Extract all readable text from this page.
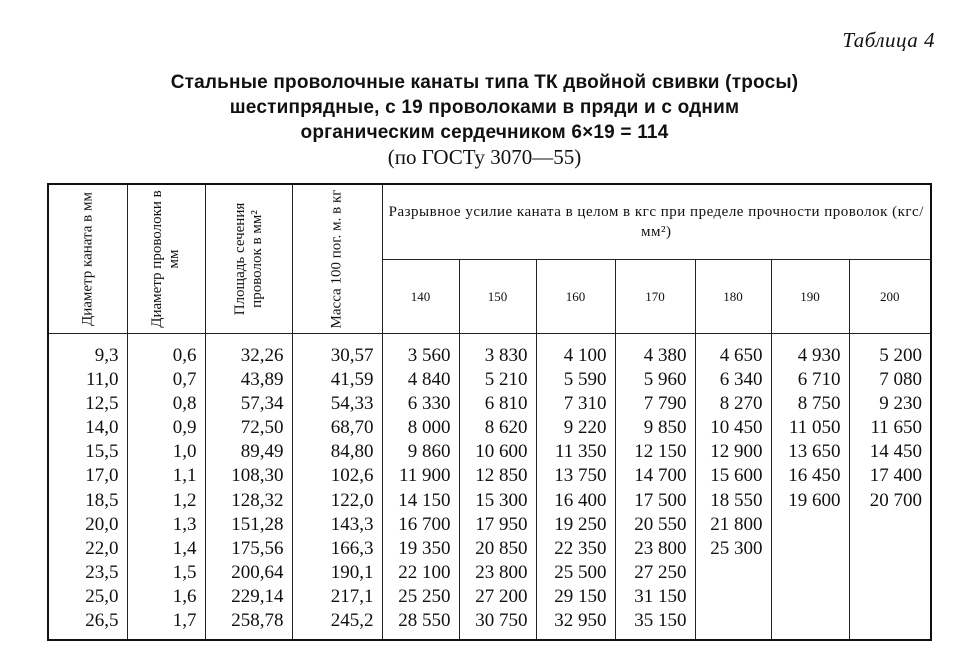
Таблица 4
Стальные проволочные канаты типа ТК двойной свивки (тросы)
шестипрядные, с 19 проволоками в пряди и с одним
органическим сердечником 6×19 = 114
(по ГОСТу 3070—55)
Диаметр каната в мм	Диаметр проволоки в мм	Площадь сечения проволок в мм²	Масса 100 пог. м. в кг	Разрывное усилие каната в целом в кгс при пределе прочности проволок (кгс/мм²)						
				140	150	160	170	180	190	200
9,3	0,6	32,26	30,57	3 560	3 830	4 100	4 380	4 650	4 930	5 200
11,0	0,7	43,89	41,59	4 840	5 210	5 590	5 960	6 340	6 710	7 080
12,5	0,8	57,34	54,33	6 330	6 810	7 310	7 790	8 270	8 750	9 230
14,0	0,9	72,50	68,70	8 000	8 620	9 220	9 850	10 450	11 050	11 650
15,5	1,0	89,49	84,80	9 860	10 600	11 350	12 150	12 900	13 650	14 450
17,0	1,1	108,30	102,6	11 900	12 850	13 750	14 700	15 600	16 450	17 400
18,5	1,2	128,32	122,0	14 150	15 300	16 400	17 500	18 550	19 600	20 700
20,0	1,3	151,28	143,3	16 700	17 950	19 250	20 550	21 800		
22,0	1,4	175,56	166,3	19 350	20 850	22 350	23 800	25 300		
23,5	1,5	200,64	190,1	22 100	23 800	25 500	27 250			
25,0	1,6	229,14	217,1	25 250	27 200	29 150	31 150			
26,5	1,7	258,78	245,2	28 550	30 750	32 950	35 150			
